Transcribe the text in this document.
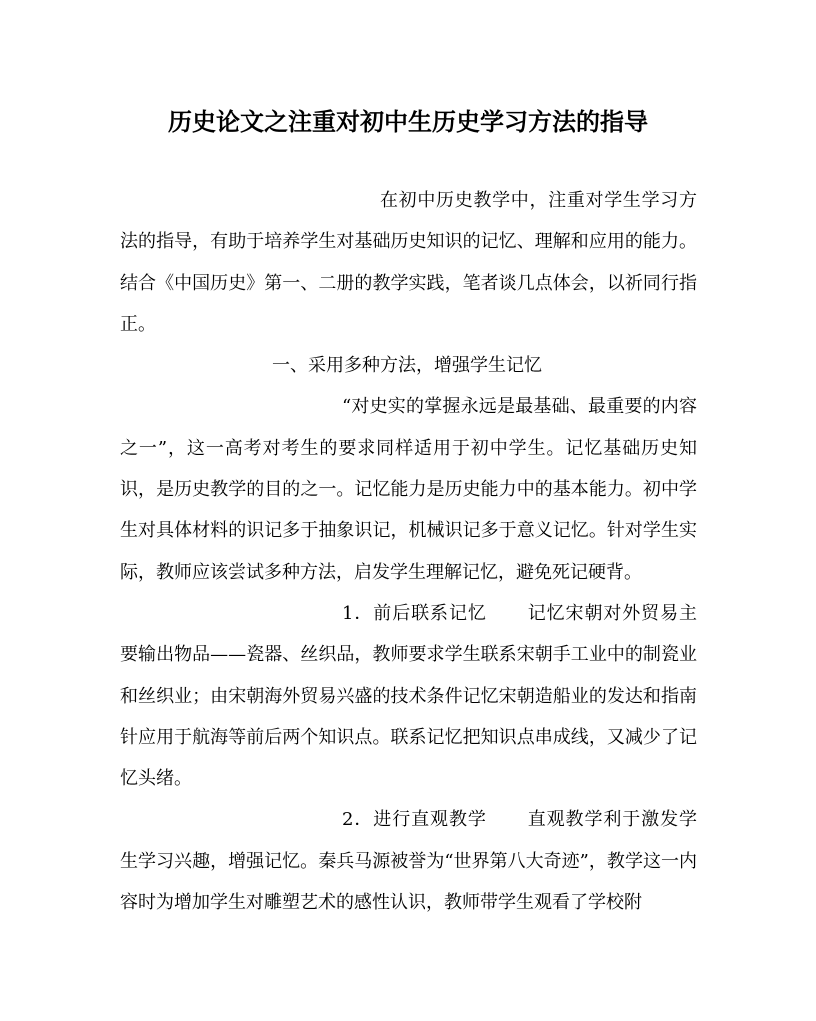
历史论文之注重对初中生历史学习方法的指导

在初中历史教学中，注重对学生学习方法的指导，有助于培养学生对基础历史知识的记忆、理解和应用的能力。结合《中国历史》第一、二册的教学实践，笔者谈几点体会，以祈同行指正。

一、采用多种方法，增强学生记忆

“对史实的掌握永远是最基础、最重要的内容之一”，这一高考对考生的要求同样适用于初中学生。记忆基础历史知识，是历史教学的目的之一。记忆能力是历史能力中的基本能力。初中学生对具体材料的识记多于抽象识记，机械识记多于意义记忆。针对学生实际，教师应该尝试多种方法，启发学生理解记忆，避免死记硬背。

1．前后联系记忆 记忆宋朝对外贸易主要输出物品——瓷器、丝织品，教师要求学生联系宋朝手工业中的制瓷业和丝织业；由宋朝海外贸易兴盛的技术条件记忆宋朝造船业的发达和指南针应用于航海等前后两个知识点。联系记忆把知识点串成线，又减少了记忆头绪。

2．进行直观教学 直观教学利于激发学生学习兴趣，增强记忆。秦兵马源被誉为“世界第八大奇迹”，教学这一内容时为增加学生对雕塑艺术的感性认识，教师带学生观看了学校附
